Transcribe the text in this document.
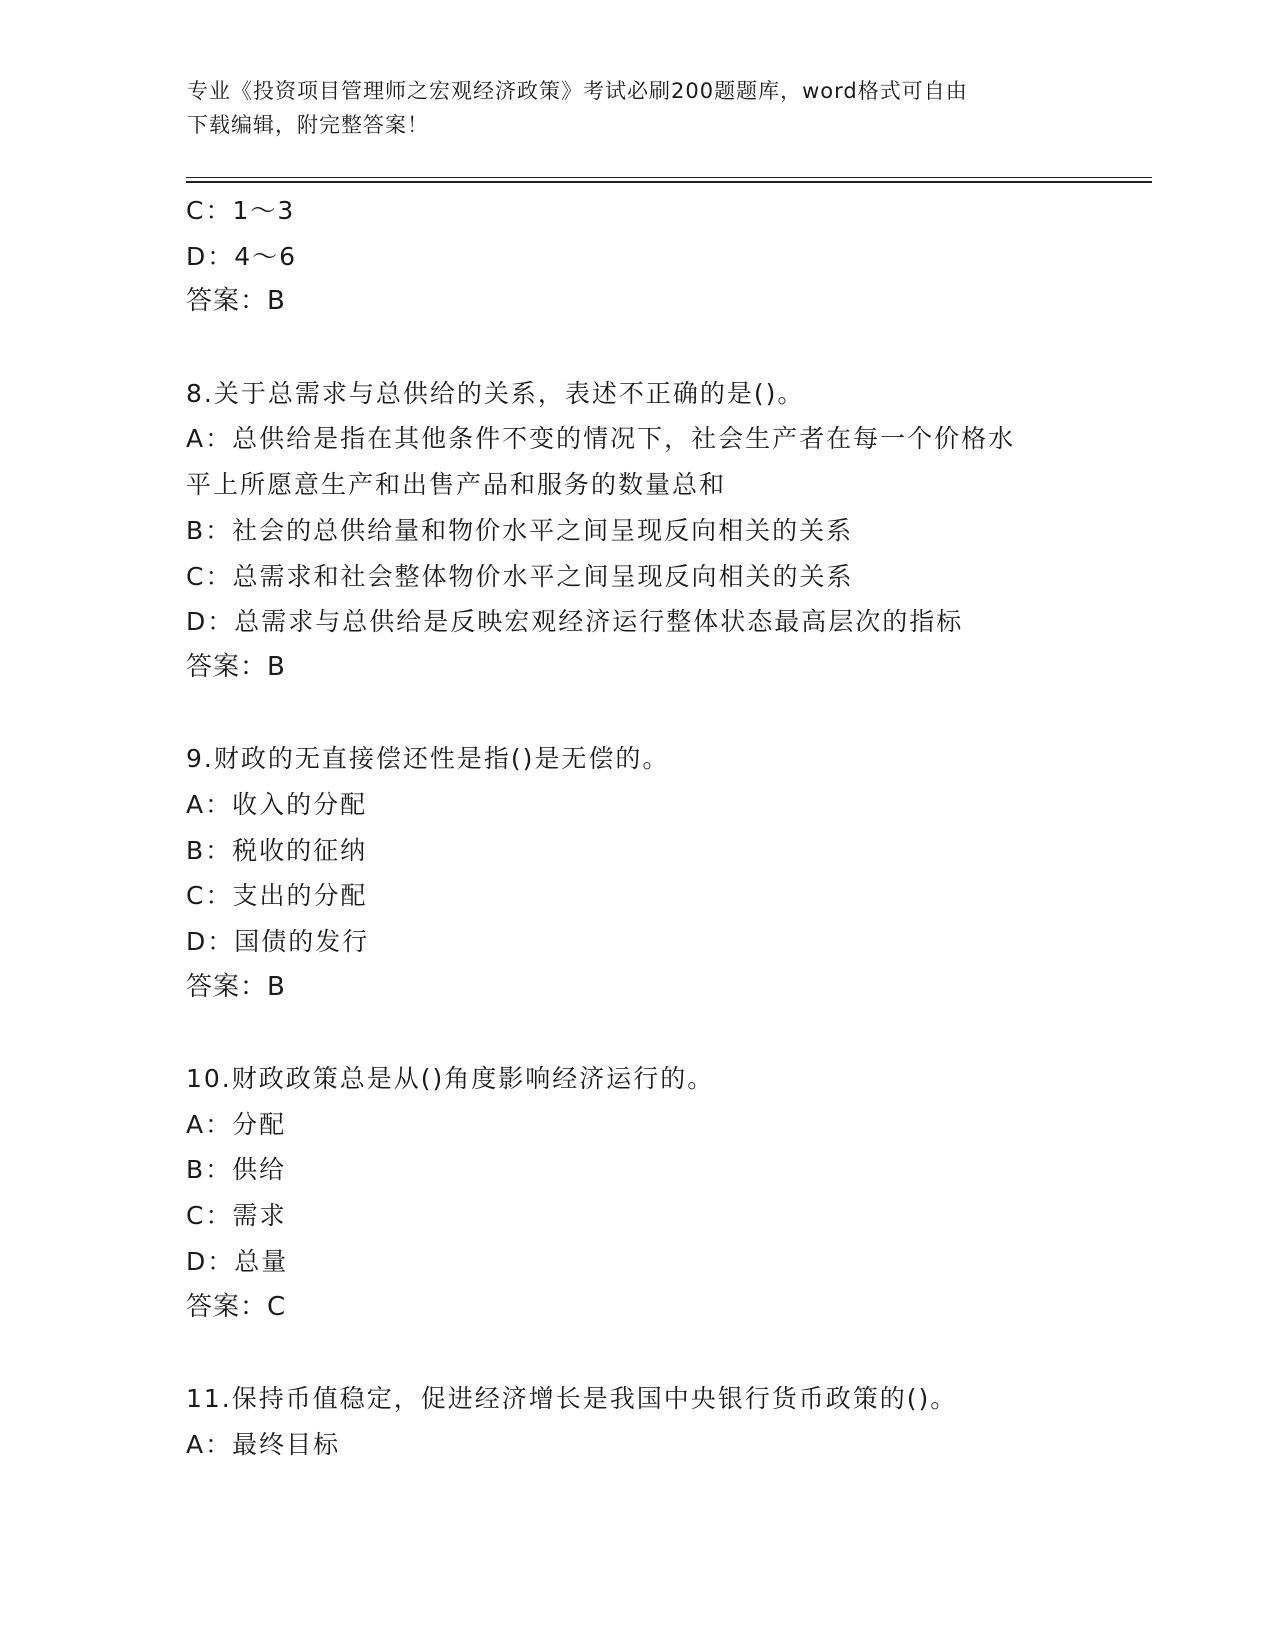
专业《投资项目管理师之宏观经济政策》考试必刷200题题库，word格式可自由
下载编辑，附完整答案！
C：1～3
D：4～6
答案：B
8.关于总需求与总供给的关系，表述不正确的是()。
A：总供给是指在其他条件不变的情况下，社会生产者在每一个价格水
平上所愿意生产和出售产品和服务的数量总和
B：社会的总供给量和物价水平之间呈现反向相关的关系
C：总需求和社会整体物价水平之间呈现反向相关的关系
D：总需求与总供给是反映宏观经济运行整体状态最高层次的指标
答案：B
9.财政的无直接偿还性是指()是无偿的。
A：收入的分配
B：税收的征纳
C：支出的分配
D：国债的发行
答案：B
10.财政政策总是从()角度影响经济运行的。
A：分配
B：供给
C：需求
D：总量
答案：C
11.保持币值稳定，促进经济增长是我国中央银行货币政策的()。
A：最终目标
